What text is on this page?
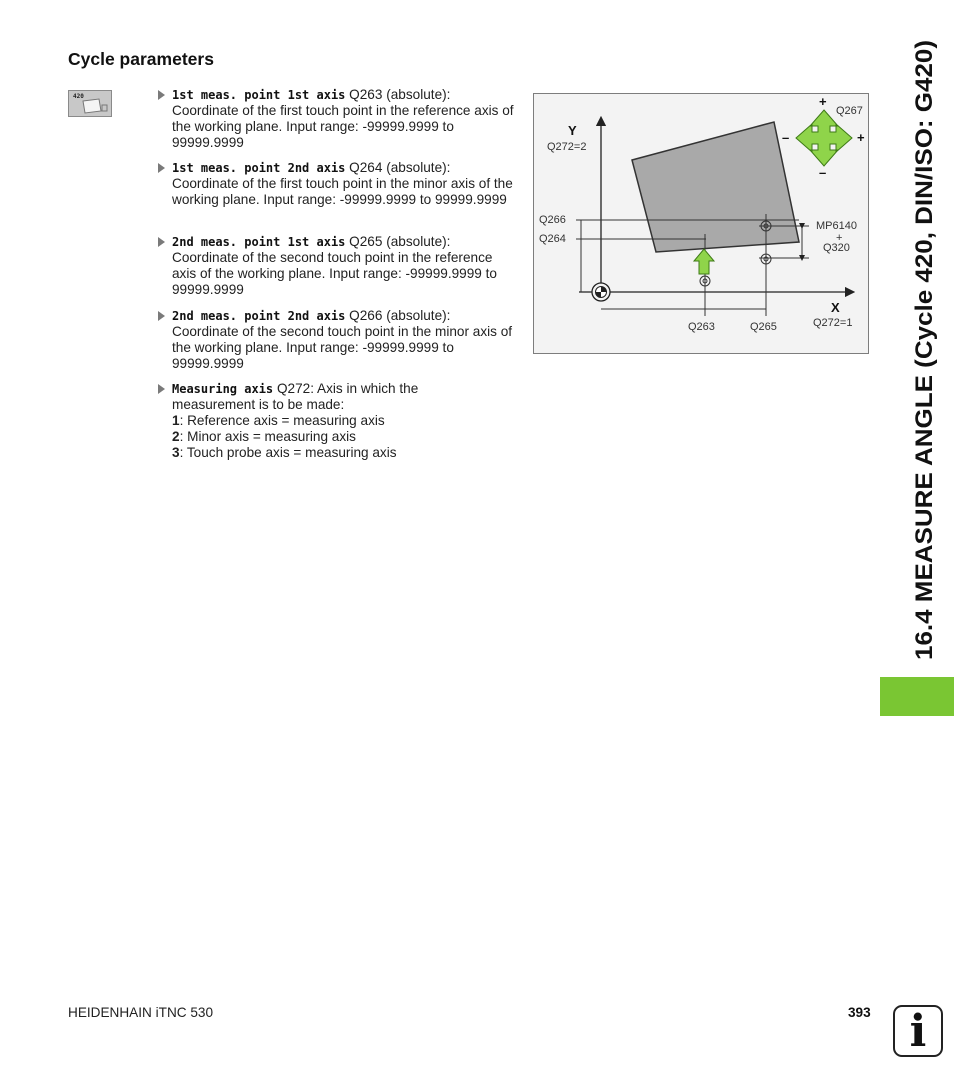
Cycle parameters
420	1st meas. point 1st axis Q263 (absolute): Coordinate of the first touch point in the reference axis of the working plane. Input range: -99999.9999 to 99999.9999
1st meas. point 2nd axis Q264 (absolute): Coordinate of the first touch point in the minor axis of the working plane. Input range: -99999.9999 to 99999.9999
2nd meas. point 1st axis Q265 (absolute): Coordinate of the second touch point in the reference axis of the working plane. Input range: -99999.9999 to 99999.9999
2nd meas. point 2nd axis Q266 (absolute): Coordinate of the second touch point in the minor axis of the working plane. Input range: -99999.9999 to 99999.9999
Measuring axis Q272: Axis in which the measurement is to be made:
1: Reference axis = measuring axis
2: Minor axis = measuring axis
3: Touch probe axis = measuring axis
Y
Q272=2
Q266
Q264
Q263	Q265
X
Q272=1
Q267
MP6140
+
Q320
+
+
–
–	16.4 MEASURE ANGLE (Cycle 420, DIN/ISO: G420)
HEIDENHAIN iTNC 530	393 i
